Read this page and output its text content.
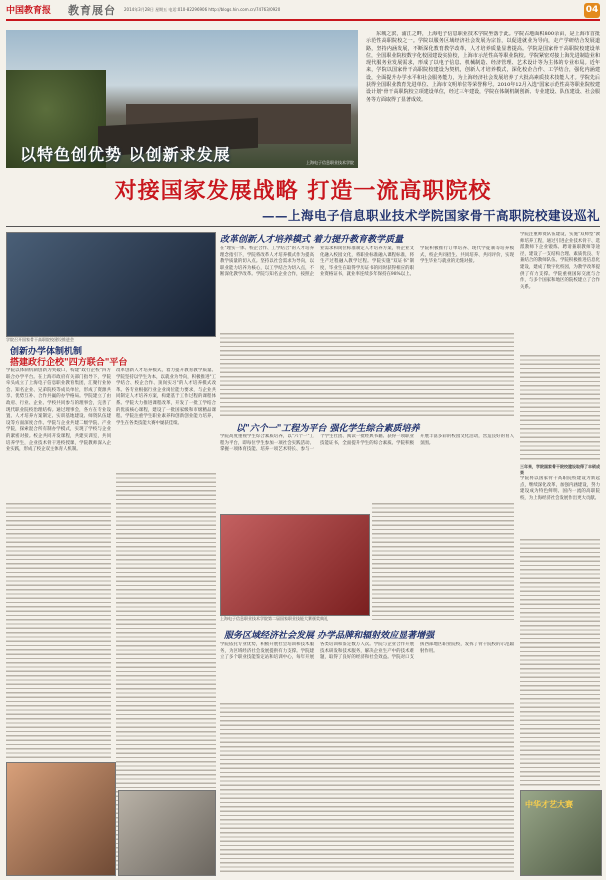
中国教育报 教育展台 2014年3月28日 星期五 电话:010-82296906 http://blogs.hin.com.cn/74763/0920	04
以特色创优势 以创新求发展	上海电子信息职业技术学院
东城之滨，浦江之畔，上海电子信息职业技术学院坐落于此。学院占地面积800余亩，是上海市首批示范性高职院校之一。学院以服务区域经济社会发展为宗旨，以促进就业为导向，走产学研结合发展道路，坚持内涵发展，不断深化教育教学改革，人才培养质量显著提高。学院是国家骨干高职院校建设单位，全国职业院校数字化校园建设实验校，上海市示范性高等职业院校。学院紧密对接上海先进制造业和现代服务业发展需求，形成了以电子信息、机械制造、经济管理、艺术设计等为主体的专业布局。近年来，学院以国家骨干高职院校建设为契机，创新人才培养模式，深化校企合作、工学结合，强化内涵建设，全面提升办学水平和社会服务能力，为上海经济社会发展培养了大批高素质技术技能人才。学院先后获得全国职业教育先进单位、上海市文明单位等荣誉称号。2010年12月入选"国家示范性高等职业院校建设计划"骨干高职院校立项建设单位，经过三年建设，学院在体制机制创新、专业建设、队伍建设、社会服务等方面取得了显著成效。
对接国家发展战略 打造一流高职院校
——上海电子信息职业技术学院国家骨干高职院校建设巡礼
学院召开国家骨干高职院校建设推进会
创新办学体制机制
搭建政行企校"四方联合"平台
学院以体制机制创新为突破口，构建"政行企校"四方联合办学平台。在上海市政府有关部门指导下，学院牵头成立了上海电子信息职业教育集团，汇聚行业协会、知名企业、兄弟院校等成员单位，形成了资源共享、优势互补、合作共赢的办学格局。学院建立了由政府、行业、企业、学校共同参与的理事会，完善了现代职业院校治理结构。通过理事会，各方在专业设置、人才培养方案制定、实训基地建设、师资队伍建设等方面深度合作。学院与企业共建二级学院、产业学院，探索混合所有制办学模式，实现了学校与企业的紧密对接。校企共同开发课程，共建实训室，共同培养学生，企业技术骨干进校授课，学院教师深入企业实践，形成了校企双主体育人机制。
改革创新人才培养模式，着力提升教育教学质量。学院坚持以学生为本，以就业为导向，积极推进"工学结合、校企合作、顶岗实习"的人才培养模式改革。各专业根据行业企业岗位能力要求，与企业共同制定人才培养方案，构建基于工作过程的课程体系。学院大力推进课程改革，开发了一批工学结合的优质核心课程，建设了一批国家级和市级精品课程。学院注重学生职业素养和创新创业能力培养，学生在各类技能大赛中屡获佳绩。
改革创新人才培养模式 着力提升教育教学质量
在"理实一体、校企合作、工学结合"的人才培养理念指引下，学院将改革人才培养模式作为提高教学质量的切入点。坚持以社会需求为导向，以职业能力培养为核心，以工学结合为切入点，不断深化教学改革。学院与知名企业合作，按照企业需求和岗位标准制定人才培养方案，将企业文化融入校园文化，将职业标准融入课程标准，将生产过程融入教学过程。学院实施"双证书"制度，毕业生在取得学历证书的同时获得相应的职业资格证书，就业率连续多年保持在98%以上。学院积极推行订单培养、现代学徒制等培养模式，校企共同招生、共同培养、共同评价，实现学生毕业与就业的无缝对接。
以"六个一"工程为平台 强化学生综合素质培养
学院高度重视学生综合素质培养，以"六个一"工程为平台，即每位学生参加一项社会实践活动、掌握一项体育技能、培养一项艺术特长、参与一个学生社团、阅读一批经典书籍、获得一项职业技能证书，全面提升学生的综合素质。学院积极开展丰富多彩的校园文化活动，营造良好的育人氛围。
上海电子信息职业技术学院第二届国家职业技能大赛颁奖典礼
服务区域经济社会发展 办学品牌和辐射效应显著增强
学院依托专业优势，积极开展社会培训和技术服务，为区域经济社会发展提供有力支撑。学院建立了多个职业技能鉴定站和培训中心，每年开展各类培训和鉴定数万人次。学院与企业合作开展技术研发和技术服务，解决企业生产中的技术难题，取得了良好的经济和社会效益。学院对口支援西部地区职业院校，发挥了骨干院校的示范辐射作用。
学院注重师资队伍建设，实施"双师型"教师培养工程，通过引进企业技术骨干、选派教师下企业锻炼、聘请兼职教师等途径，建设了一支结构合理、素质优良、专兼结合的教师队伍。学院积极推进信息化建设，建成了数字化校园，为教学改革提供了有力支撑。学院重视国际交流与合作，与多个国家和地区的院校建立了合作关系。
三年来，学院国家骨干院校建设取得了丰硕成果
学院将以国家骨干高职院校建设为新起点，继续深化改革，加强内涵建设，努力建设成为特色鲜明、国内一流的高职院校，为上海经济社会发展作出更大贡献。
中华才艺大赛
